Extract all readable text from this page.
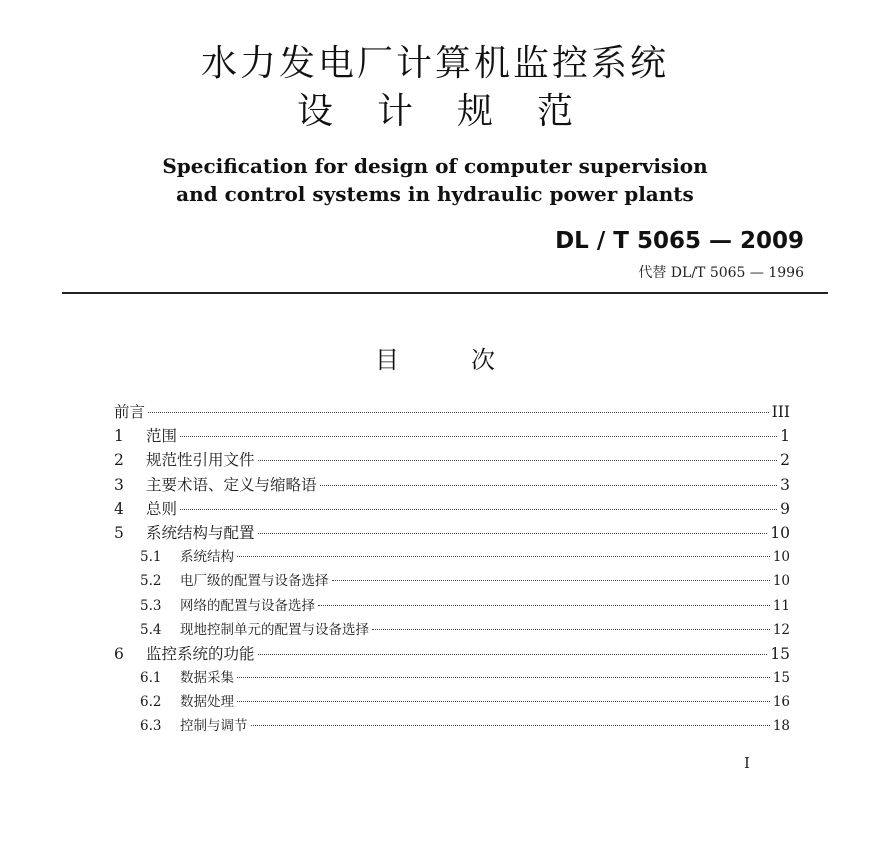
水力发电厂计算机监控系统
设 计 规 范
Specification for design of computer supervision
and control systems in hydraulic power plants
DL / T 5065 — 2009
代替 DL/T 5065 — 1996
目	次
前言	III
1	范围	1
2	规范性引用文件	2
3	主要术语、定义与缩略语	3
4	总则	9
5	系统结构与配置	10
5.1	系统结构	10
5.2	电厂级的配置与设备选择	10
5.3	网络的配置与设备选择	11
5.4	现地控制单元的配置与设备选择	12
6	监控系统的功能	15
6.1	数据采集	15
6.2	数据处理	16
6.3	控制与调节	18
I
